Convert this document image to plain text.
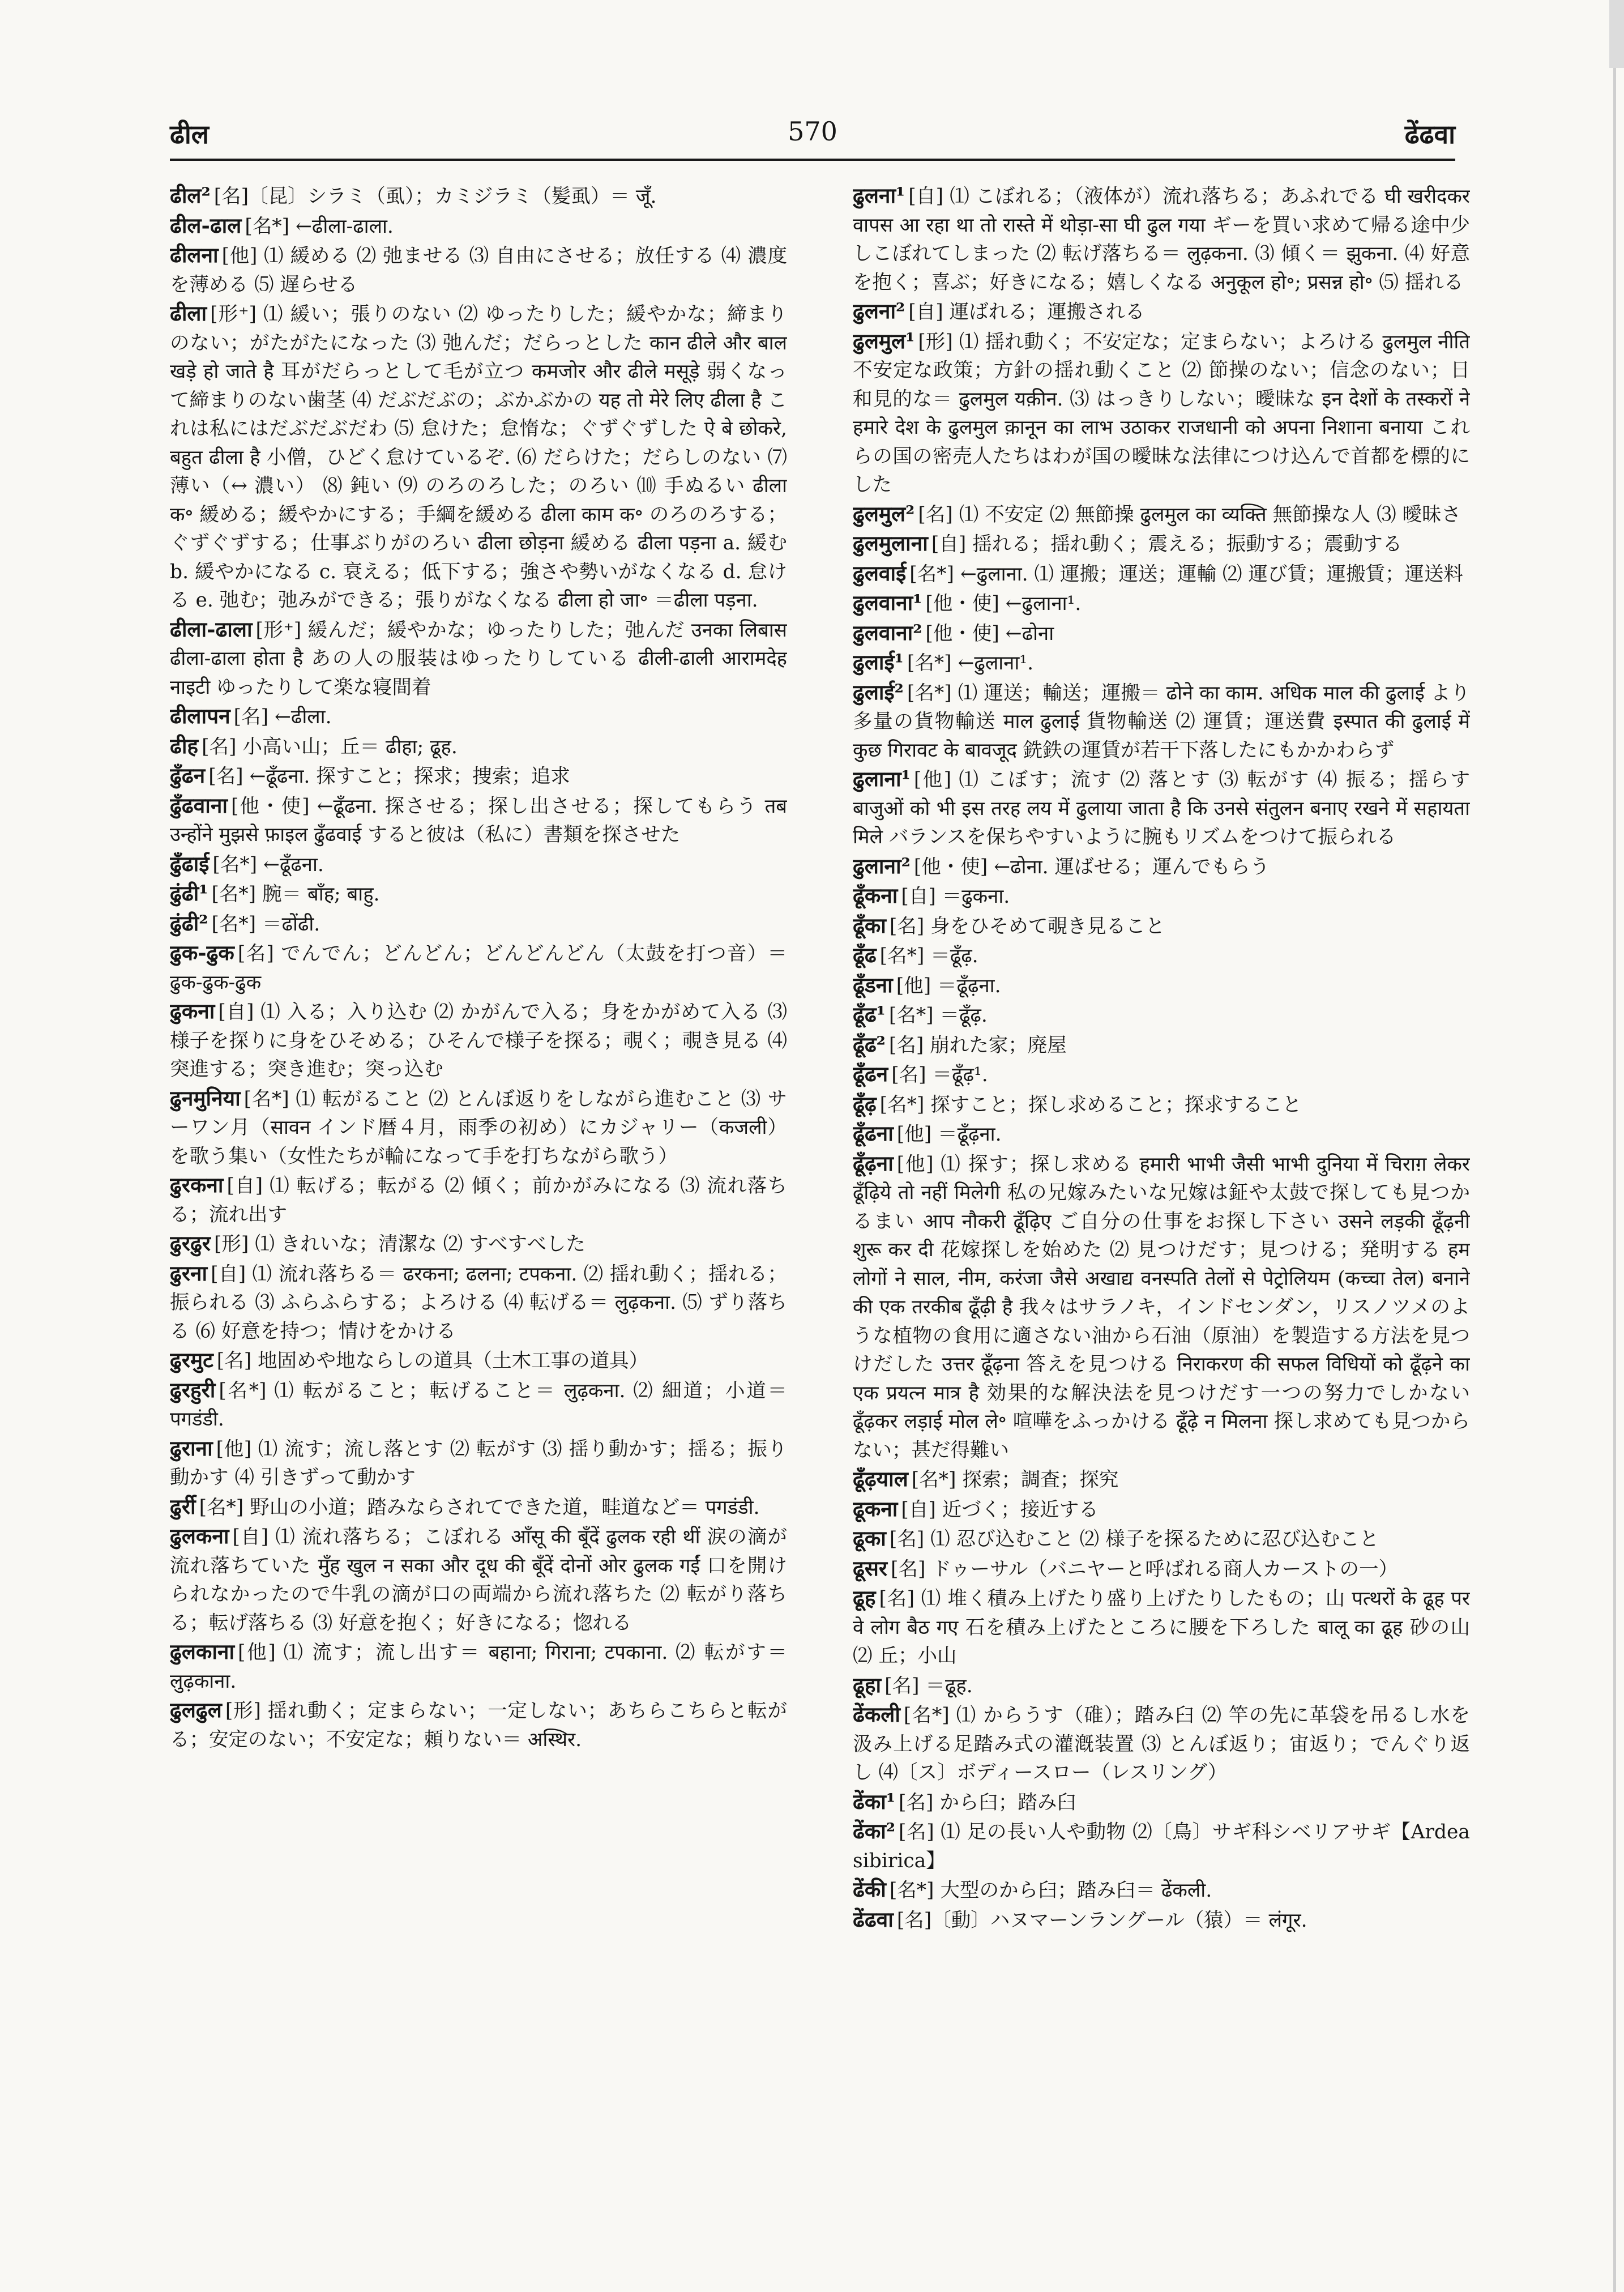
ढील	570	ढेंढवा

ढील² [名]〔昆〕シラミ（虱）；カミジラミ（髪虱）＝ जूँ.

ढील-ढाल [名*] ←ढीला-ढाला.

ढीलना [他] ⑴ 緩める ⑵ 弛ませる ⑶ 自由にさせる；放任する ⑷ 濃度を薄める ⑸ 遅らせる

ढीला [形⁺] ⑴ 緩い；張りのない ⑵ ゆったりした；緩やかな；締まりのない；がたがたになった ⑶ 弛んだ；だらっとした कान ढीले और बाल खड़े हो जाते है 耳がだらっとして毛が立つ कमजोर और ढीले मसूड़े 弱くなって締まりのない歯茎 ⑷ だぶだぶの；ぶかぶかの यह तो मेरे लिए ढीला है これは私にはだぶだぶだわ ⑸ 怠けた；怠惰な；ぐずぐずした ऐ बे छोकरे, बहुत ढीला है 小僧，ひどく怠けているぞ. ⑹ だらけた；だらしのない ⑺ 薄い（↔ 濃い） ⑻ 鈍い ⑼ のろのろした；のろい ⑽ 手ぬるい ढीला क॰ 緩める；緩やかにする；手綱を緩める ढीला काम क॰ のろのろする；ぐずぐずする；仕事ぶりがのろい ढीला छोड़ना 緩める ढीला पड़ना a. 緩む b. 緩やかになる c. 衰える；低下する；強さや勢いがなくなる d. 怠ける e. 弛む；弛みができる；張りがなくなる ढीला हो जा॰ ＝ढीला पड़ना.

ढीला-ढाला [形⁺] 緩んだ；緩やかな；ゆったりした；弛んだ उनका लिबास ढीला-ढाला होता है あの人の服装はゆったりしている ढीली-ढाली आरामदेह नाइटी ゆったりして楽な寝間着

ढीलापन [名] ←ढीला.

ढीह [名] 小高い山；丘＝ ढीहा; ढूह.

ढुँढन [名] ←ढूँढना. 探すこと；探求；捜索；追求

ढुँढवाना [他・使] ←ढूँढना. 探させる；探し出させる；探してもらう तब उन्होंने मुझसे फ़ाइल ढुँढवाई すると彼は（私に）書類を探させた

ढुँढाई [名*] ←ढूँढना.

ढुंढी¹ [名*] 腕＝ बाँह; बाहु.

ढुंढी² [名*] ＝ढोंढी.

ढुक-ढुक [名] でんでん；どんどん；どんどんどん（太鼓を打つ音）＝ ढुक-ढुक-ढुक

ढुकना [自] ⑴ 入る；入り込む ⑵ かがんで入る；身をかがめて入る ⑶ 様子を探りに身をひそめる；ひそんで様子を探る；覗く；覗き見る ⑷ 突進する；突き進む；突っ込む

ढुनमुनिया [名*] ⑴ 転がること ⑵ とんぼ返りをしながら進むこと ⑶ サーワン月（सावन インド暦４月，雨季の初め）にカジャリー（कजली）を歌う集い（女性たちが輪になって手を打ちながら歌う）

ढुरकना [自] ⑴ 転げる；転がる ⑵ 傾く；前かがみになる ⑶ 流れ落ちる；流れ出す

ढुरढुर [形] ⑴ きれいな；清潔な ⑵ すべすべした

ढुरना [自] ⑴ 流れ落ちる＝ ढरकना; ढलना; टपकना. ⑵ 揺れ動く；揺れる；振られる ⑶ ふらふらする；よろける ⑷ 転げる＝ लुढ़कना. ⑸ ずり落ちる ⑹ 好意を持つ；情けをかける

ढुरमुट [名] 地固めや地ならしの道具（土木工事の道具）

ढुरहुरी [名*] ⑴ 転がること；転げること＝ लुढ़कना. ⑵ 細道；小道＝ पगडंडी.

ढुराना [他] ⑴ 流す；流し落とす ⑵ 転がす ⑶ 揺り動かす；揺る；振り動かす ⑷ 引きずって動かす

ढुर्री [名*] 野山の小道；踏みならされてできた道，畦道など＝ पगडंडी.

ढुलकना [自] ⑴ 流れ落ちる；こぼれる आँसू की बूँदें ढुलक रही थीं 涙の滴が流れ落ちていた मुँह खुल न सका और दूध की बूँदें दोनों ओर ढुलक गईं 口を開けられなかったので牛乳の滴が口の両端から流れ落ちた ⑵ 転がり落ちる；転げ落ちる ⑶ 好意を抱く；好きになる；惚れる

ढुलकाना [他] ⑴ 流す；流し出す＝ बहाना; गिराना; टपकाना. ⑵ 転がす＝ लुढ़काना.

ढुलढुल [形] 揺れ動く；定まらない；一定しない；あちらこちらと転がる；安定のない；不安定な；頼りない＝ अस्थिर.

ढुलना¹ [自] ⑴ こぼれる；（液体が）流れ落ちる；あふれでる घी खरीदकर वापस आ रहा था तो रास्ते में थोड़ा-सा घी ढुल गया ギーを買い求めて帰る途中少しこぼれてしまった ⑵ 転げ落ちる＝ लुढ़कना. ⑶ 傾く＝ झुकना. ⑷ 好意を抱く；喜ぶ；好きになる；嬉しくなる अनुकूल हो॰; प्रसन्न हो॰ ⑸ 揺れる

ढुलना² [自] 運ばれる；運搬される

ढुलमुल¹ [形] ⑴ 揺れ動く；不安定な；定まらない；よろける ढुलमुल नीति 不安定な政策；方針の揺れ動くこと ⑵ 節操のない；信念のない；日和見的な＝ ढुलमुल यक़ीन. ⑶ はっきりしない；曖昧な इन देशों के तस्करों ने हमारे देश के ढुलमुल क़ानून का लाभ उठाकर राजधानी को अपना निशाना बनाया これらの国の密売人たちはわが国の曖昧な法律につけ込んで首都を標的にした

ढुलमुल² [名] ⑴ 不安定 ⑵ 無節操 ढुलमुल का व्यक्ति 無節操な人 ⑶ 曖昧さ

ढुलमुलाना [自] 揺れる；揺れ動く；震える；振動する；震動する

ढुलवाई [名*] ←ढुलाना. ⑴ 運搬；運送；運輸 ⑵ 運び賃；運搬賃；運送料

ढुलवाना¹ [他・使] ←ढुलाना¹.

ढुलवाना² [他・使] ←ढोना

ढुलाई¹ [名*] ←ढुलाना¹.

ढुलाई² [名*] ⑴ 運送；輸送；運搬＝ ढोने का काम. अधिक माल की ढुलाई より多量の貨物輸送 माल ढुलाई 貨物輸送 ⑵ 運賃；運送費 इस्पात की ढुलाई में कुछ गिरावट के बावजूद 銑鉄の運賃が若干下落したにもかかわらず

ढुलाना¹ [他] ⑴ こぼす；流す ⑵ 落とす ⑶ 転がす ⑷ 振る；揺らす बाजुओं को भी इस तरह लय में ढुलाया जाता है कि उनसे संतुलन बनाए रखने में सहायता मिले バランスを保ちやすいように腕もリズムをつけて振られる

ढुलाना² [他・使] ←ढोना. 運ばせる；運んでもらう

ढूँकना [自] ＝ढुकना.

ढूँका [名] 身をひそめて覗き見ること

ढूँढ [名*] ＝ढूँढ़.

ढूँडना [他] ＝ढूँढ़ना.

ढूँढ¹ [名*] ＝ढूँढ़.

ढूँढ² [名] 崩れた家；廃屋

ढूँढन [名] ＝ढूँढ़¹.

ढूँढ़ [名*] 探すこと；探し求めること；探求すること

ढूँढना [他] ＝ढूँढ़ना.

ढूँढ़ना [他] ⑴ 探す；探し求める हमारी भाभी जैसी भाभी दुनिया में चिराग़ लेकर ढूँढ़िये तो नहीं मिलेगी 私の兄嫁みたいな兄嫁は鉦や太鼓で探しても見つかるまい आप नौकरी ढूँढ़िए ご自分の仕事をお探し下さい उसने लड़की ढूँढ़नी शुरू कर दी 花嫁探しを始めた ⑵ 見つけだす；見つける；発明する हम लोगों ने साल, नीम, करंजा जैसे अखाद्य वनस्पति तेलों से पेट्रोलियम (कच्चा तेल) बनाने की एक तरकीब ढूँढ़ी है 我々はサラノキ，インドセンダン，リスノツメのような植物の食用に適さない油から石油（原油）を製造する方法を見つけだした उत्तर ढूँढ़ना 答えを見つける निराकरण की सफल विधियों को ढूँढ़ने का एक प्रयत्न मात्र है 効果的な解決法を見つけだす一つの努力でしかない ढूँढ़कर लड़ाई मोल ले॰ 喧嘩をふっかける ढूँढ़े न मिलना 探し求めても見つからない；甚だ得難い

ढूँढ़याल [名*] 探索；調査；探究

ढूकना [自] 近づく；接近する

ढूका [名] ⑴ 忍び込むこと ⑵ 様子を探るために忍び込むこと

ढूसर [名] ドゥーサル（バニヤーと呼ばれる商人カーストの一）

ढूह [名] ⑴ 堆く積み上げたり盛り上げたりしたもの；山 पत्थरों के ढूह पर वे लोग बैठ गए 石を積み上げたところに腰を下ろした बालू का ढूह 砂の山 ⑵ 丘；小山

ढूहा [名] ＝ढूह.

ढेंकली [名*] ⑴ からうす（碓）；踏み臼 ⑵ 竿の先に革袋を吊るし水を汲み上げる足踏み式の灌漑装置 ⑶ とんぼ返り；宙返り；でんぐり返し ⑷〔ス〕ボディースロー（レスリング）

ढेंका¹ [名] から臼；踏み臼

ढेंका² [名] ⑴ 足の長い人や動物 ⑵〔鳥〕サギ科シベリアサギ【Ardea sibirica】

ढेंकी [名*] 大型のから臼；踏み臼＝ ढेंकली.

ढेंढवा [名]〔動〕ハヌマーンラングール（猿）＝ लंगूर.
